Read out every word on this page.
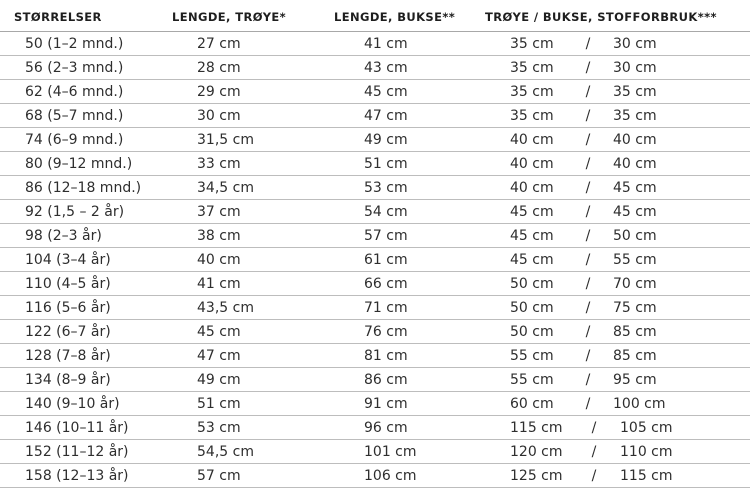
STØRRELSER	LENGDE, TRØYE*	LENGDE, BUKSE**	TRØYE / BUKSE, STOFFORBRUK***
50 (1–2 mnd.)	27 cm	41 cm	35 cm	/	30 cm
56 (2–3 mnd.)	28 cm	43 cm	35 cm	/	30 cm
62 (4–6 mnd.)	29 cm	45 cm	35 cm	/	35 cm
68 (5–7 mnd.)	30 cm	47 cm	35 cm	/	35 cm
74 (6–9 mnd.)	31,5 cm	49 cm	40 cm	/	40 cm
80 (9–12 mnd.)	33 cm	51 cm	40 cm	/	40 cm
86 (12–18 mnd.)	34,5 cm	53 cm	40 cm	/	45 cm
92 (1,5 – 2 år)	37 cm	54 cm	45 cm	/	45 cm
98 (2–3 år)	38 cm	57 cm	45 cm	/	50 cm
104 (3–4 år)	40 cm	61 cm	45 cm	/	55 cm
110 (4–5 år)	41 cm	66 cm	50 cm	/	70 cm
116 (5–6 år)	43,5 cm	71 cm	50 cm	/	75 cm
122 (6–7 år)	45 cm	76 cm	50 cm	/	85 cm
128 (7–8 år)	47 cm	81 cm	55 cm	/	85 cm
134 (8–9 år)	49 cm	86 cm	55 cm	/	95 cm
140 (9–10 år)	51 cm	91 cm	60 cm	/	100 cm
146 (10–11 år)	53 cm	96 cm	115 cm	/	105 cm
152 (11–12 år)	54,5 cm	101 cm	120 cm	/	110 cm
158 (12–13 år)	57 cm	106 cm	125 cm	/	115 cm
